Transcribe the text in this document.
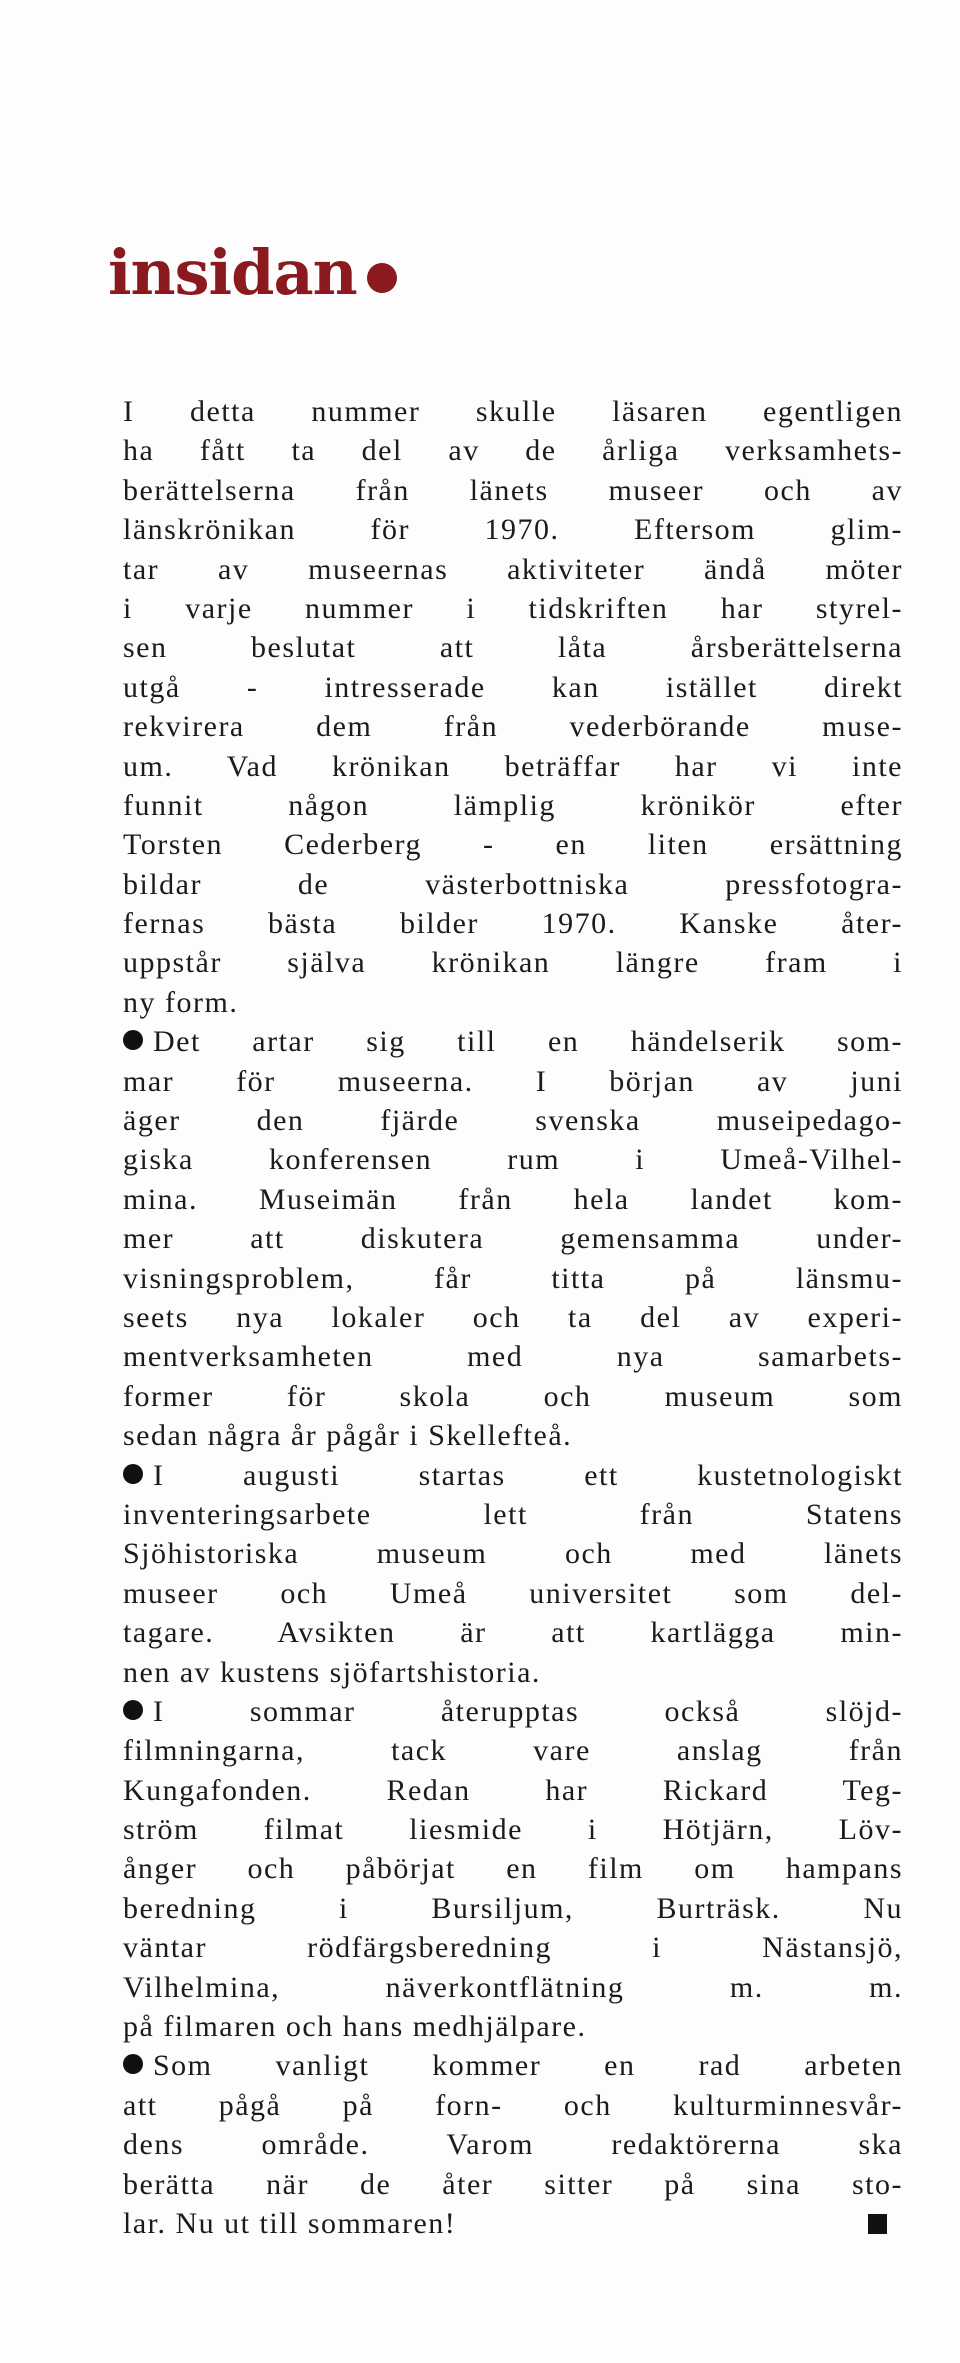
insidan
I detta nummer skulle läsaren egentligen
ha fått ta del av de årliga verksamhets-
berättelserna från länets museer och av
länskrönikan för 1970. Eftersom glim-
tar av museernas aktiviteter ändå möter
i varje nummer i tidskriften har styrel-
sen beslutat att låta årsberättelserna
utgå - intresserade kan istället direkt
rekvirera dem från vederbörande muse-
um. Vad krönikan beträffar har vi inte
funnit någon lämplig krönikör efter
Torsten Cederberg - en liten ersättning
bildar de västerbottniska pressfotogra-
fernas bästa bilder 1970. Kanske åter-
uppstår själva krönikan längre fram i
ny form.
Det artar sig till en händelserik som-
mar för museerna. I början av juni
äger den fjärde svenska museipedago-
giska konferensen rum i Umeå-Vilhel-
mina. Museimän från hela landet kom-
mer att diskutera gemensamma under-
visningsproblem, får titta på länsmu-
seets nya lokaler och ta del av experi-
mentverksamheten med nya samarbets-
former för skola och museum som
sedan några år pågår i Skellefteå.
I augusti startas ett kustetnologiskt
inventeringsarbete lett från Statens
Sjöhistoriska museum och med länets
museer och Umeå universitet som del-
tagare. Avsikten är att kartlägga min-
nen av kustens sjöfartshistoria.
I sommar återupptas också slöjd-
filmningarna, tack vare anslag från
Kungafonden. Redan har Rickard Teg-
ström filmat liesmide i Hötjärn, Löv-
ånger och påbörjat en film om hampans
beredning i Bursiljum, Burträsk. Nu
väntar rödfärgsberedning i Nästansjö,
Vilhelmina, näverkontflätning m. m.
på filmaren och hans medhjälpare.
Som vanligt kommer en rad arbeten
att pågå på forn- och kulturminnesvår-
dens område. Varom redaktörerna ska
berätta när de åter sitter på sina sto-
lar. Nu ut till sommaren!
